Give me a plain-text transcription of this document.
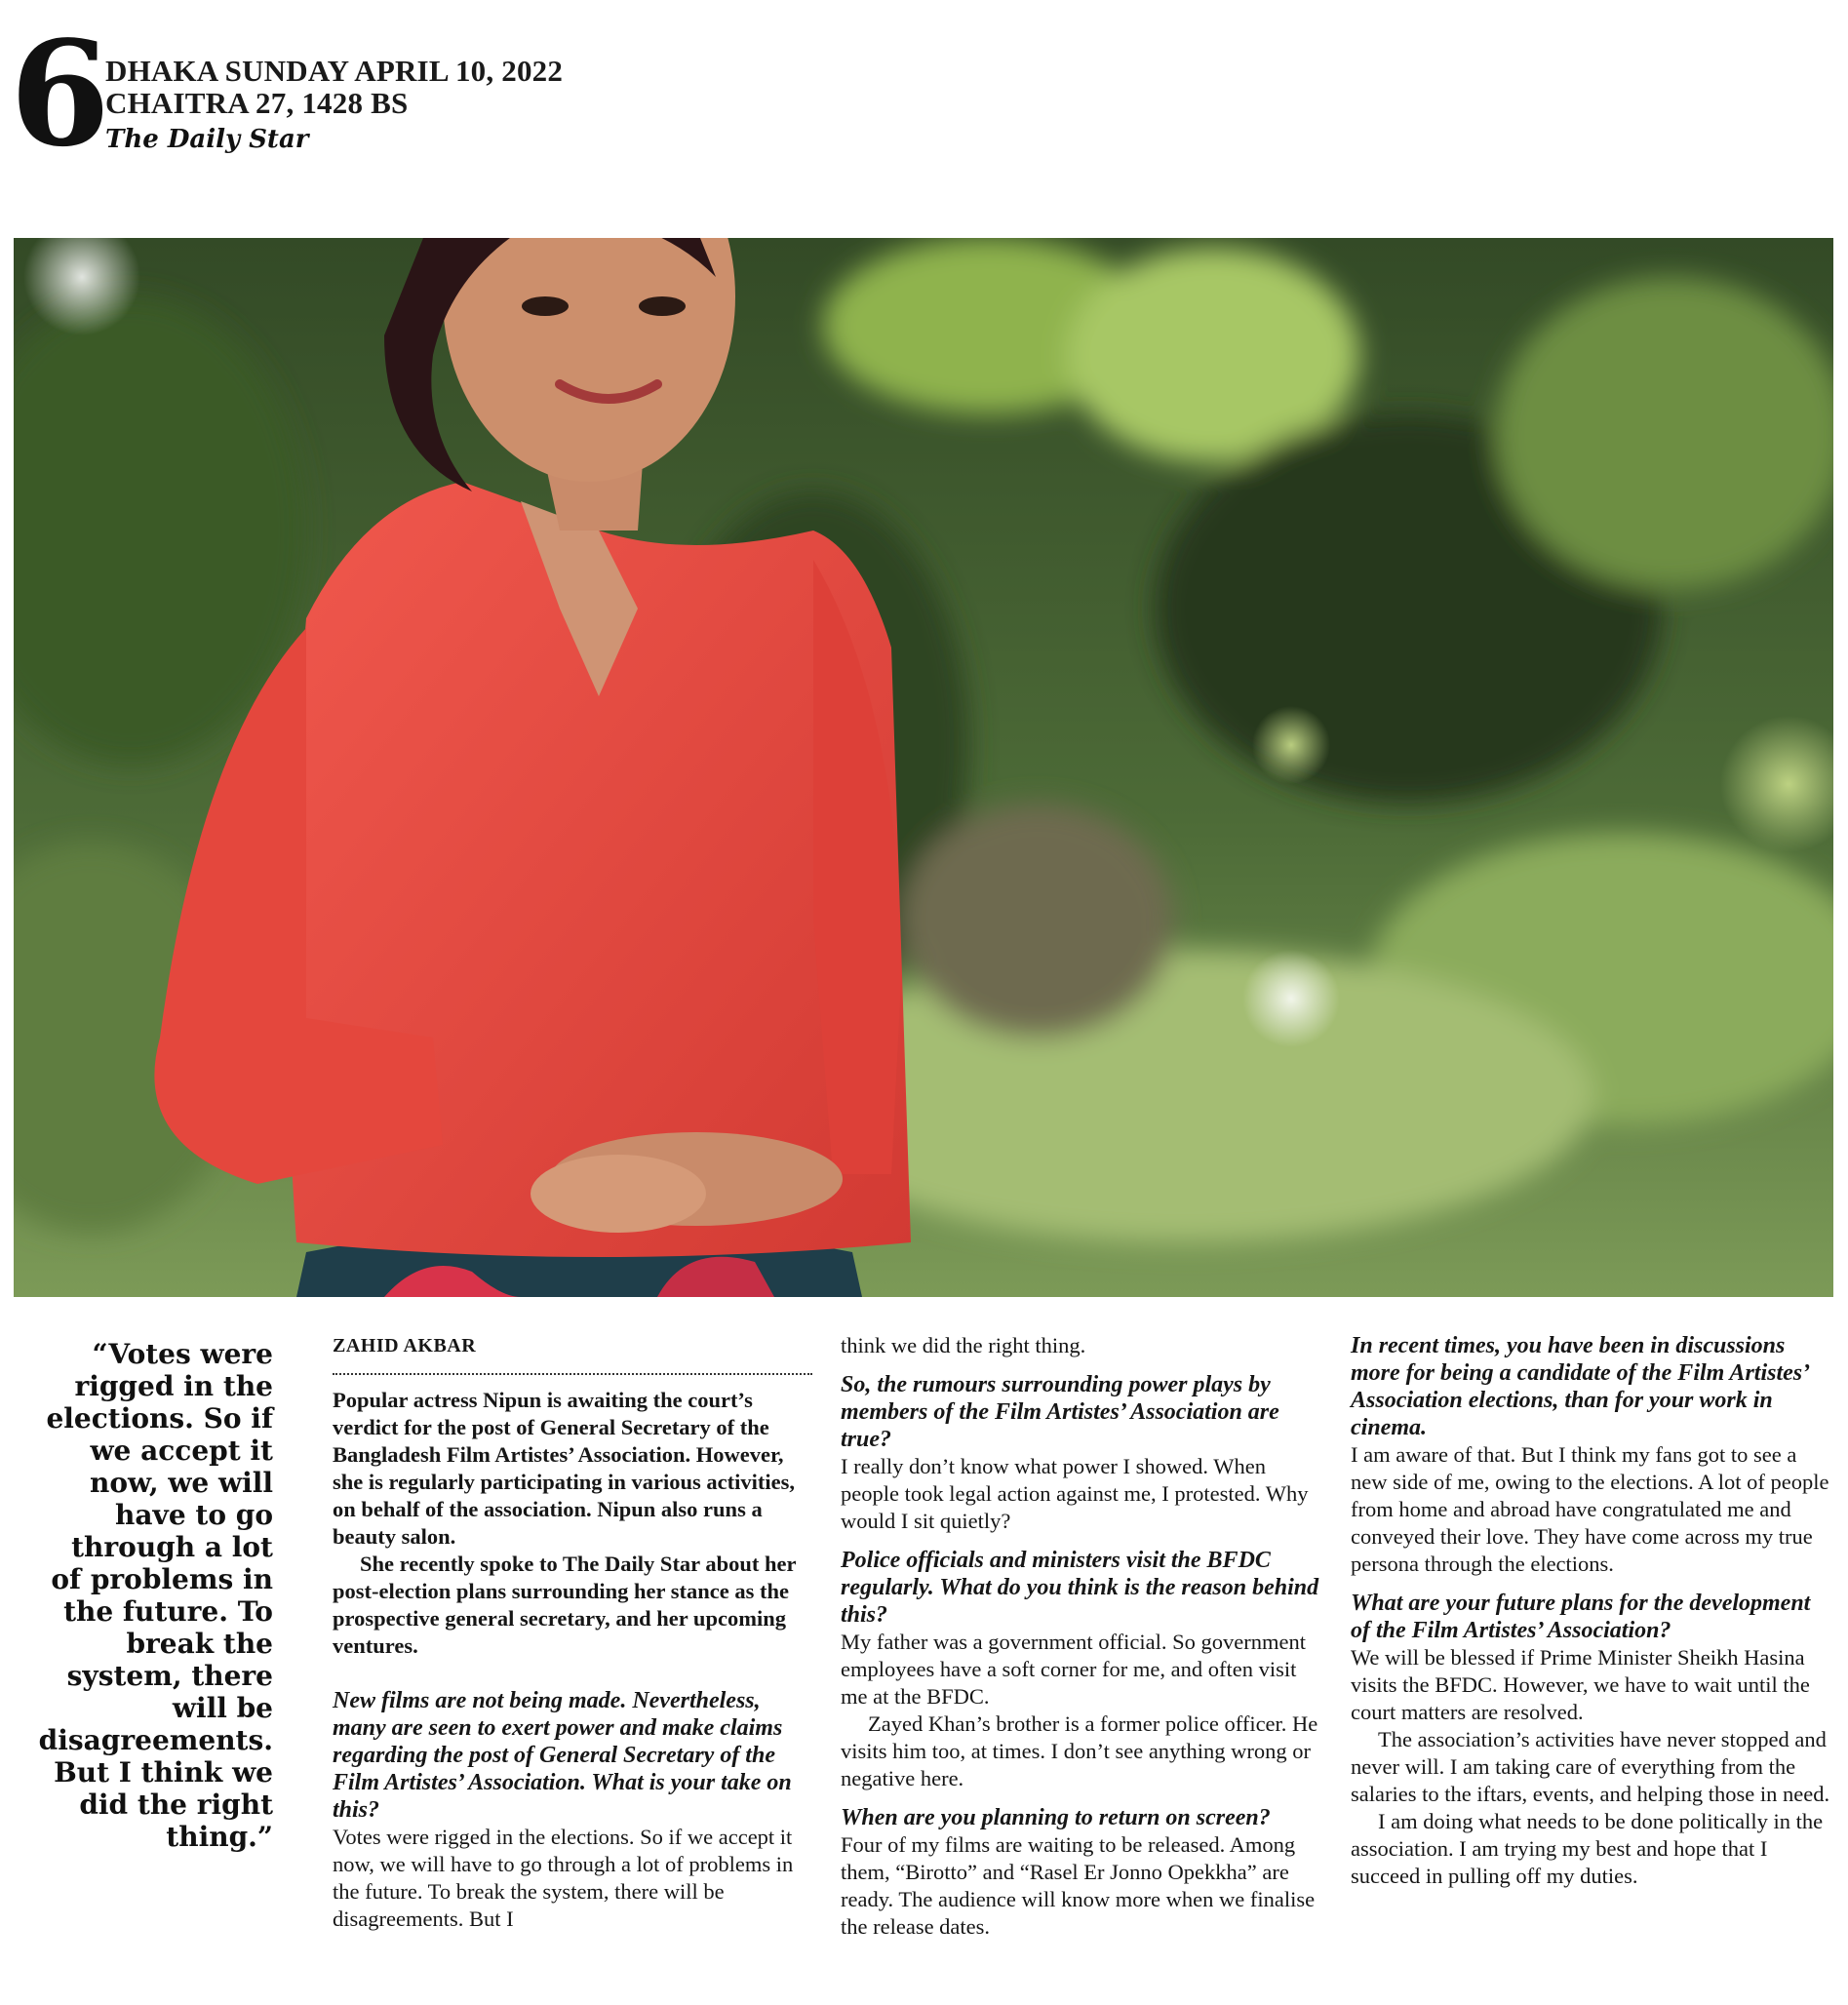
6
DHAKA SUNDAY APRIL 10, 2022
CHAITRA 27, 1428 BS
The Daily Star
“Votes were rigged in the elections. So if we accept it now, we will have to go through a lot of problems in the future. To break the system, there will be disagreements. But I think we did the right thing.”
ZAHID AKBAR

Popular actress Nipun is awaiting the court’s verdict for the post of General Secretary of the Bangladesh Film Artistes’ Association. However, she is regularly participating in various activities, on behalf of the association. Nipun also runs a beauty salon.

She recently spoke to The Daily Star about her post-election plans surrounding her stance as the prospective general secretary, and her upcoming ventures.

New films are not being made. Nevertheless, many are seen to exert power and make claims regarding the post of General Secretary of the Film Artistes’ Association. What is your take on this?

Votes were rigged in the elections. So if we accept it now, we will have to go through a lot of problems in the future. To break the system, there will be disagreements. But I

think we did the right thing.

So, the rumours surrounding power plays by members of the Film Artistes’ Association are true?

I really don’t know what power I showed. When people took legal action against me, I protested. Why would I sit quietly?

Police officials and ministers visit the BFDC regularly. What do you think is the reason behind this?

My father was a government official. So government employees have a soft corner for me, and often visit me at the BFDC.

Zayed Khan’s brother is a former police officer. He visits him too, at times. I don’t see anything wrong or negative here.

When are you planning to return on screen?

Four of my films are waiting to be released. Among them, “Birotto” and “Rasel Er Jonno Opekkha” are ready. The audience will know more when we finalise the release dates.

In recent times, you have been in discussions more for being a candidate of the Film Artistes’ Association elections, than for your work in cinema.

I am aware of that. But I think my fans got to see a new side of me, owing to the elections. A lot of people from home and abroad have congratulated me and conveyed their love. They have come across my true persona through the elections.

What are your future plans for the development of the Film Artistes’ Association?

We will be blessed if Prime Minister Sheikh Hasina visits the BFDC. However, we have to wait until the court matters are resolved.

The association’s activities have never stopped and never will. I am taking care of everything from the salaries to the iftars, events, and helping those in need.

I am doing what needs to be done politically in the association. I am trying my best and hope that I succeed in pulling off my duties.
